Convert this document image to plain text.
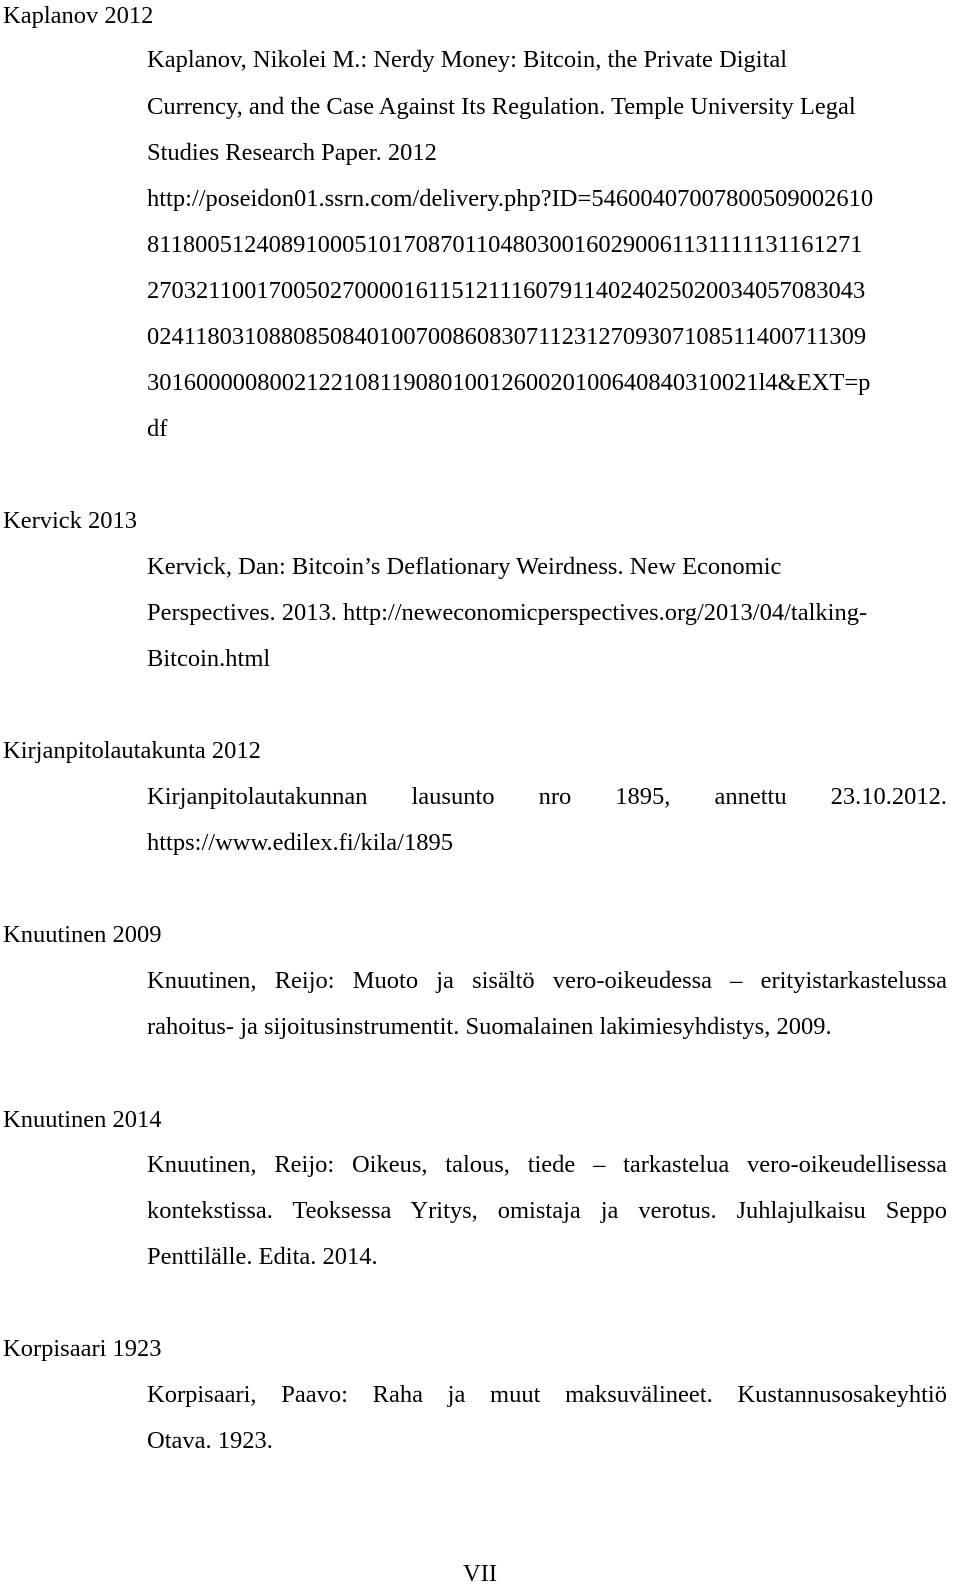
Kaplanov 2012
Kaplanov, Nikolei M.: Nerdy Money: Bitcoin, the Private Digital
Currency, and the Case Against Its Regulation. Temple University Legal
Studies Research Paper. 2012
http://poseidon01.ssrn.com/delivery.php?ID=54600407007800509002610
81180051240891000510170870110480300160290061131111131161271
27032110017005027000016115121116079114024025020034057083043
02411803108808508401007008608307112312709307108511400711309
30160000080021221081190801001260020100640840310021l4&EXT=p
df
Kervick 2013
Kervick, Dan: Bitcoin’s Deflationary Weirdness. New Economic
Perspectives. 2013. http://neweconomicperspectives.org/2013/04/talking-
Bitcoin.html
Kirjanpitolautakunta 2012
Kirjanpitolautakunnan lausunto nro 1895, annettu 23.10.2012.
https://www.edilex.fi/kila/1895
Knuutinen 2009
Knuutinen, Reijo: Muoto ja sisältö vero-oikeudessa – erityistarkastelussa
rahoitus- ja sijoitusinstrumentit. Suomalainen lakimiesyhdistys, 2009.
Knuutinen 2014
Knuutinen, Reijo: Oikeus, talous, tiede – tarkastelua vero-oikeudellisessa
kontekstissa. Teoksessa Yritys, omistaja ja verotus. Juhlajulkaisu Seppo
Penttilälle. Edita. 2014.
Korpisaari 1923
Korpisaari, Paavo: Raha ja muut maksuvälineet. Kustannusosakeyhtiö
Otava. 1923.
VII
